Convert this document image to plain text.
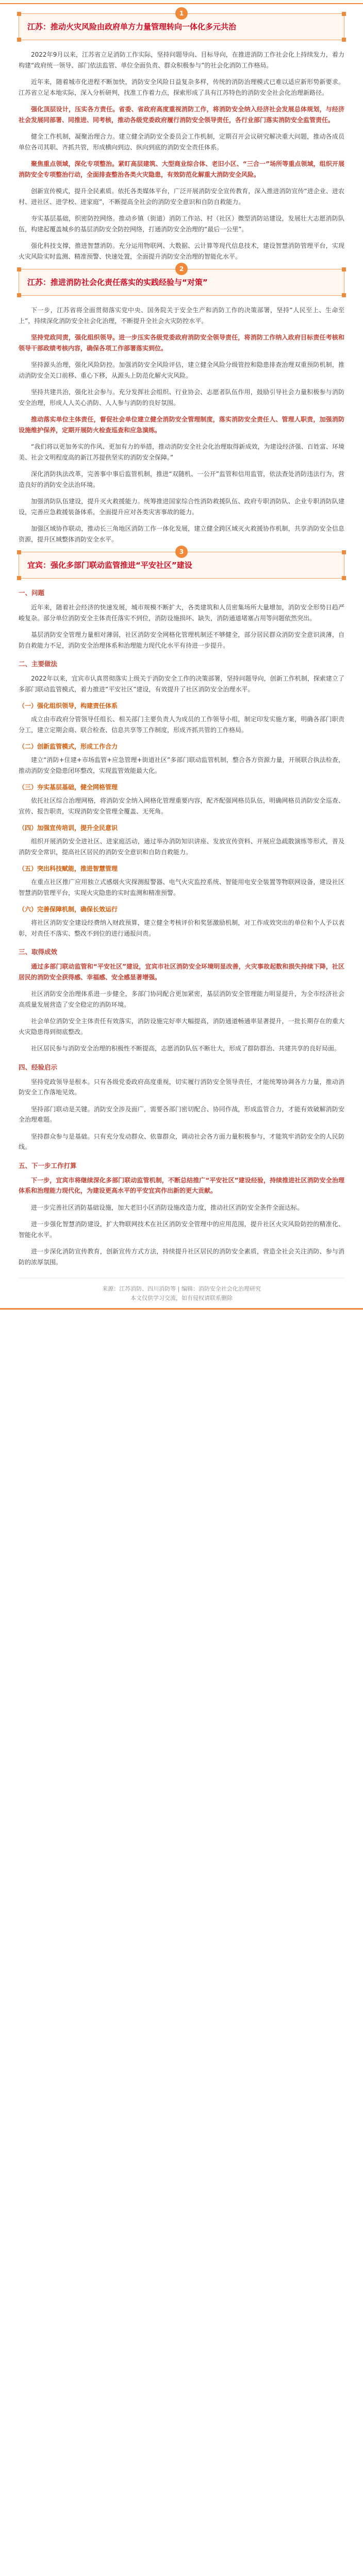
1
江苏：推动火灾风险由政府单方力量管理转向一体化多元共治

2022年9月以来，江苏省立足消防工作实际，坚持问题导向、目标导向，在推进消防工作社会化上持续发力，着力构建“政府统一领导、部门依法监管、单位全面负责、群众积极参与”的社会化消防工作格局。

近年来，随着城市化进程不断加快，消防安全风险日益复杂多样，传统的消防治理模式已难以适应新形势新要求。江苏省立足本地实际，深入分析研判，找准工作着力点，探索形成了具有江苏特色的消防安全社会化治理新路径。

强化顶层设计，压实各方责任。省委、省政府高度重视消防工作，将消防安全纳入经济社会发展总体规划，与经济社会发展同部署、同推进、同考核，推动各级党委政府履行消防安全领导责任，各行业部门落实消防安全监管责任。

健全工作机制，凝聚治理合力。建立健全消防安全委员会工作机制，定期召开会议研究解决重大问题，推动各成员单位各司其职、齐抓共管，形成横向到边、纵向到底的消防安全责任体系。

聚焦重点领域，深化专项整治。紧盯高层建筑、大型商业综合体、老旧小区、“三合一”场所等重点领域，组织开展消防安全专项整治行动，全面排查整治各类火灾隐患，有效防范化解重大消防安全风险。

创新宣传模式，提升全民素质。依托各类媒体平台，广泛开展消防安全宣传教育，深入推进消防宣传“进企业、进农村、进社区、进学校、进家庭”，不断提高全社会的消防安全意识和自防自救能力。

夯实基层基础，织密防控网络。推动乡镇（街道）消防工作站、村（社区）微型消防站建设，发展壮大志愿消防队伍，构建起覆盖城乡的基层消防安全防控网络，打通消防安全治理的“最后一公里”。

强化科技支撑，推进智慧消防。充分运用物联网、大数据、云计算等现代信息技术，建设智慧消防管理平台，实现火灾风险实时监测、精准预警、快速处置，全面提升消防安全治理的智能化水平。

2
江苏：推进消防社会化责任落实的实践经验与“对策”

下一步，江苏省将全面贯彻落实党中央、国务院关于安全生产和消防工作的决策部署，坚持“人民至上、生命至上”，持续深化消防安全社会化治理，不断提升全社会火灾防控水平。

坚持党政同责，强化组织领导。进一步压实各级党委政府消防安全领导责任，将消防工作纳入政府目标责任考核和领导干部政绩考核内容，确保各项工作部署落实到位。

坚持源头治理，强化风险防控。加强消防安全风险评估，建立健全风险分级管控和隐患排查治理双重预防机制，推动消防安全关口前移、重心下移，从源头上防范化解火灾风险。

坚持共建共治，强化社会参与。充分发挥社会组织、行业协会、志愿者队伍作用，鼓励引导社会力量积极参与消防安全治理，形成人人关心消防、人人参与消防的良好氛围。

推动落实单位主体责任，督促社会单位建立健全消防安全管理制度，落实消防安全责任人、管理人职责，加强消防设施维护保养，定期开展防火检查巡查和应急演练。

“我们将以更加务实的作风、更加有力的举措，推动消防安全社会化治理取得新成效，为建设经济强、百姓富、环境美、社会文明程度高的新江苏提供坚实的消防安全保障。”

深化消防执法改革，完善事中事后监管机制，推进“双随机、一公开”监管和信用监管，依法查处消防违法行为，营造良好的消防安全法治环境。

加强消防队伍建设，提升灭火救援能力。统筹推进国家综合性消防救援队伍、政府专职消防队、企业专职消防队建设，完善应急救援装备体系，全面提升应对各类灾害事故的能力。

加强区域协作联动，推动长三角地区消防工作一体化发展，建立健全跨区域灭火救援协作机制，共享消防安全信息资源，提升区域整体消防安全水平。

3
宜宾：强化多部门联动监管推进“平安社区”建设
一、问题

近年来，随着社会经济的快速发展，城市规模不断扩大，各类建筑和人员密集场所大量增加，消防安全形势日趋严峻复杂。部分单位消防安全主体责任落实不到位，消防设施损坏、缺失，消防通道堵塞占用等问题依然突出。

基层消防安全管理力量相对薄弱，社区消防安全网格化管理机制还不够健全，部分居民群众消防安全意识淡薄，自防自救能力不足，消防安全治理体系和治理能力现代化水平有待进一步提升。

二、主要做法

2022年以来，宜宾市认真贯彻落实上级关于消防安全工作的决策部署，坚持问题导向，创新工作机制，探索建立了多部门联动监管模式，着力推进“平安社区”建设，有效提升了社区消防安全治理水平。

（一）强化组织领导，构建责任体系

成立由市政府分管领导任组长、相关部门主要负责人为成员的工作领导小组，制定印发实施方案，明确各部门职责分工，建立定期会商、联合检查、信息共享等工作制度，形成齐抓共管的工作格局。

（二）创新监管模式，形成工作合力

建立“消防+住建+市场监管+应急管理+街道社区”多部门联动监管机制，整合各方资源力量，开展联合执法检查，推动消防安全隐患闭环整改，实现监管效能最大化。

（三）夯实基层基础，健全网格管理

依托社区综合治理网格，将消防安全纳入网格化管理重要内容，配齐配强网格员队伍，明确网格员消防安全巡查、宣传、报告职责，实现消防安全管理全覆盖、无死角。

（四）加强宣传培训，提升全民意识

组织开展消防安全进社区、进家庭活动，通过举办消防知识讲座、发放宣传资料、开展应急疏散演练等形式，普及消防安全常识，提高社区居民的消防安全意识和自防自救能力。

（五）突出科技赋能，推进智慧管理

在重点社区推广应用独立式感烟火灾探测报警器、电气火灾监控系统、智能用电安全装置等物联网设备，建设社区智慧消防管理平台，实现火灾隐患的实时监测和精准预警。

（六）完善保障机制，确保长效运行

将社区消防安全建设经费纳入财政预算，建立健全考核评价和奖惩激励机制，对工作成效突出的单位和个人予以表彰，对责任不落实、整改不到位的进行通报问责。

三、取得成效

通过多部门联动监管和“平安社区”建设，宜宾市社区消防安全环境明显改善，火灾事故起数和损失持续下降，社区居民的消防安全获得感、幸福感、安全感显著增强。

社区消防安全治理体系进一步健全，多部门协同配合更加紧密，基层消防安全管理能力明显提升，为全市经济社会高质量发展营造了安全稳定的消防环境。

社会单位消防安全主体责任有效落实，消防设施完好率大幅提高，消防通道畅通率显著提升，一批长期存在的重大火灾隐患得到彻底整改。

社区居民参与消防安全治理的积极性不断提高，志愿消防队伍不断壮大，形成了群防群治、共建共享的良好局面。

四、经验启示

坚持党政领导是根本。只有各级党委政府高度重视，切实履行消防安全领导责任，才能统筹协调各方力量，推动消防安全工作落地见效。

坚持部门联动是关键。消防安全涉及面广，需要各部门密切配合、协同作战，形成监管合力，才能有效破解消防安全治理难题。

坚持群众参与是基础。只有充分发动群众、依靠群众，调动社会各方面力量积极参与，才能筑牢消防安全的人民防线。

五、下一步工作打算

下一步，宜宾市将继续深化多部门联动监管机制，不断总结推广“平安社区”建设经验，持续推进社区消防安全治理体系和治理能力现代化，为建设更高水平的平安宜宾作出新的更大贡献。

进一步完善社区消防基础设施，加大老旧小区消防设施改造力度，推动社区消防安全条件全面达标。

进一步强化智慧消防建设，扩大物联网技术在社区消防安全管理中的应用范围，提升社区火灾风险防控的精准化、智能化水平。

进一步深化消防宣传教育，创新宣传方式方法，持续提升社区居民的消防安全素质，营造全社会关注消防、参与消防的浓厚氛围。

来源：江苏消防、四川消防等 | 编辑：消防安全社会化治理研究
本文仅供学习交流，如有侵权请联系删除
